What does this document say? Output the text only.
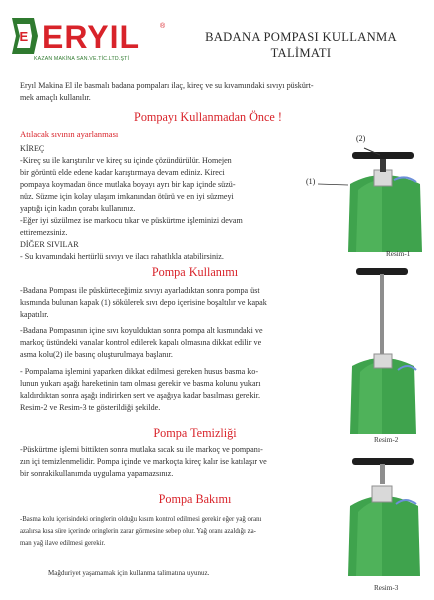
E ERYIL	®
KAZAN MAKİNA SAN.VE.TİC.LTD.ŞTİ
BADANA POMPASI KULLANMA
TALİMATI

Eryıl Makina El ile basmalı badana pompaları ilaç, kireç ve su kıvamındaki sıvıyı püskürt-

mek amaçlı kullanılır.

Pompayı Kullanmadan Önce !
Atılacak sıvının ayarlanması

KİREÇ

-Kireç su ile karıştırılır ve kireç su içinde çözündürülür. Homejen

bir görüntü elde edene kadar karıştırmaya devam ediniz. Kireci

pompaya koymadan önce mutlaka boyayı ayrı bir kap içinde süzü-

nüz. Süzme için kolay ulaşım imkanından ötürü ve en iyi süzmeyi

yaptığı için kadın çorabı kullanınız.

-Eğer iyi süzülmez ise markocu tıkar ve püskürtme işleminizi devam

ettiremezsiniz.

DİĞER SIVILAR

- Su kıvamındaki hertürlü sıvıyı ve ilacı rahatlıkla atabilirsiniz.

Pompa Kullanımı

-Badana Pompası ile püskürteceğimiz sıvıyı ayarladıktan sonra pompa üst

kısmında bulunan kapak (1) sökülerek sıvı depo içerisine boşaltılır ve kapak

kapatılır.

-Badana Pompasının içine sıvı koyulduktan sonra pompa alt kısmındaki ve

markoç üstündeki vanalar kontrol edilerek kapalı olmasına dikkat edilir ve

asma kolu(2) ile basınç oluşturulmaya başlanır.

- Pompalama işlemini yaparken dikkat edilmesi gereken husus basma ko-

lunun yukarı aşağı hareketinin tam olması gerekir ve basma kolunu yukarı

kaldırdıktan sonra aşağı indirirken sert ve aşağıya kadar basılması gerekir.

Resim-2 ve Resim-3 te gösterildiği şekilde.

Pompa Temizliği

-Püskürtme işlemi bittikten sonra mutlaka sıcak su ile markoç ve pompanı-

zın içi temizlenmelidir. Pompa içinde ve markoçta kireç kalır ise katılaşır ve

bir sonrakikullanımda uygulama yapamazsınız.

Pompa Bakımı

-Basma kolu içerisindeki oringlerin olduğu kısım kontrol edilmesi gerekir eğer yağ oranı

azalırsa kısa süre içerinde oringlerin zarar görmesine sebep olur. Yağ oranı azaldığı za-

man yağ ilave edilmesi gerekir.

Mağduriyet yaşamamak için kullanma talimatına uyunuz.

(2)
(1)
Resim-1
Resim-2
Resim-3
